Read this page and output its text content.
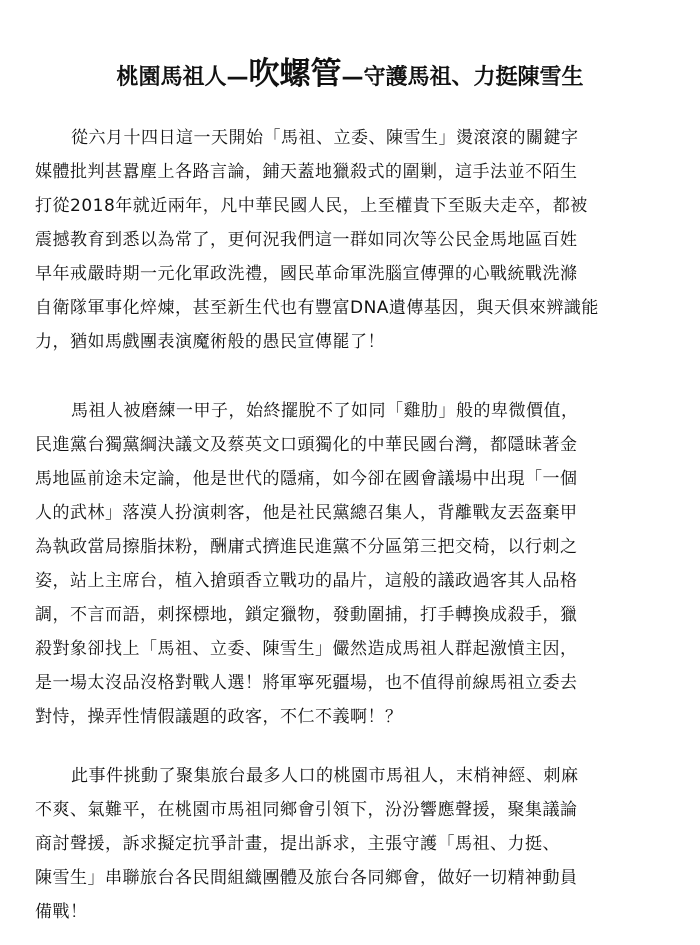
桃園馬祖人—吹螺管—守護馬祖、力挺陳雪生
從六月十四日這一天開始「馬祖、立委、陳雪生」燙滾滾的關鍵字
媒體批判甚囂塵上各路言論，鋪天蓋地獵殺式的圍剿，這手法並不陌生
打從2018年就近兩年，凡中華民國人民，上至權貴下至販夫走卒，都被
震撼教育到悉以為常了，更何況我們這一群如同次等公民金馬地區百姓
早年戒嚴時期一元化軍政洗禮，國民革命軍洗腦宣傳彈的心戰統戰洗滌
自衛隊軍事化焠煉，甚至新生代也有豐富DNA遺傳基因，與天俱來辨識能
力，猶如馬戲團表演魔術般的愚民宣傳罷了！
馬祖人被磨練一甲子，始終擺脫不了如同「雞肋」般的卑微價值，
民進黨台獨黨綱決議文及蔡英文口頭獨化的中華民國台灣，都隱昧著金
馬地區前途未定論，他是世代的隱痛，如今卻在國會議場中出現「一個
人的武林」落漠人扮演刺客，他是社民黨總召集人，背離戰友丟盔棄甲
為執政當局擦脂抹粉，酬庸式擠進民進黨不分區第三把交椅，以行刺之
姿，站上主席台，植入搶頭香立戰功的晶片，這般的議政過客其人品格
調，不言而語，刺探標地，鎖定獵物，發動圍捕，打手轉換成殺手，獵
殺對象卻找上「馬祖、立委、陳雪生」儼然造成馬祖人群起激憤主因，
是一場太沒品沒格對戰人選！將軍寧死疆場，也不值得前線馬祖立委去
對恃，操弄性情假議題的政客，不仁不義啊！？
此事件挑動了聚集旅台最多人口的桃園市馬祖人，末梢神經、刺麻
不爽、氣難平，在桃園市馬祖同鄉會引領下，汾汾響應聲援，聚集議論
商討聲援，訴求擬定抗爭計畫，提出訴求，主張守護「馬祖、力挺、
陳雪生」串聯旅台各民間組織團體及旅台各同鄉會，做好一切精神動員
備戰！
